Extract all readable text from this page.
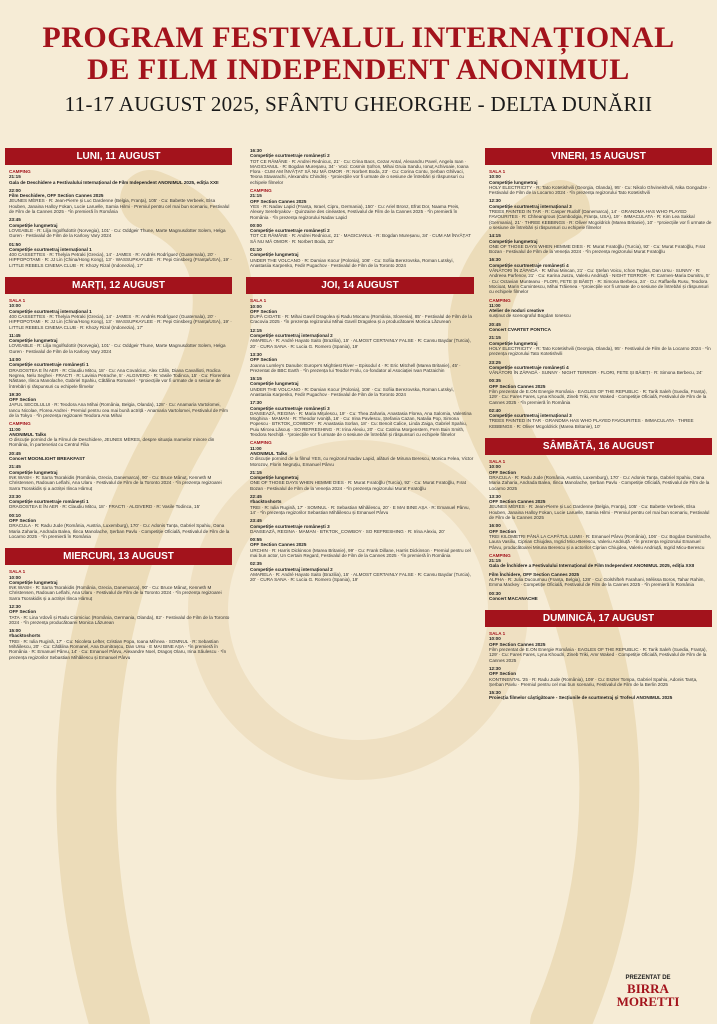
PROGRAM FESTIVALUL INTERNAȚIONAL
DE FILM INDEPENDENT ANONIMUL
11-17 AUGUST 2025, SFÂNTU GHEORGHE - DELTA DUNĂRII
LUNI, 11 AUGUST
CAMPING
21:15
Gala de Deschidere a Festivalului Internațional de Film Independent ANONIMUL 2025, ediția XXII
22:00
Film Deschidere, OFF Section Cannes 2025
JEUNES MÈRES · R: Jean-Pierre și Luc Dardenne (Belgia, Franța), 105' · Cu: Babette Verbeek, Elsa Houben, Janaina Halloy Fokan, Lucie Laruelle, Samia Hilmi · Premiul pentru cel mai bun scenariu, Festivalul de Film de la Cannes 2025 · *în premieră în România
23:45
Competiție lungmetraj
LOVEABLE · R: Lilja Ingolfsdottir (Norvegia), 101' · Cu: Oddgeir Thune, Marte Magnusdotter Solem, Helga Guren · Festivalul de Film de la Karlovy Vary 2024
01:50
Competiție scurtmetraj internațional 1
400 CASSETTES · R: Thelyia Petraki (Grecia), 14' · JAMES · R: Andrés Rodríguez (Guatemala), 20' · HIPPOPOTAMI · R: JJ Lin (China/Hong Kong), 13' · WASSUPKAYLEE · R: Pepi Ginsberg (Franța/USA), 19' · LITTLE REBELS CINEMA CLUB · R: Khozy Rizal (Indonezia), 17'
MARȚI, 12 AUGUST
SALA 1
10:00
Competiție scurtmetraj internațional 1
400 CASSETTES · R: Thelyia Petraki (Grecia), 14' · JAMES · R: Andrés Rodríguez (Guatemala), 20' · HIPPOPOTAMI · R: JJ Lin (China/Hong Kong), 13' · WASSUPKAYLEE · R: Pepi Ginsberg (Franța/USA), 19' · LITTLE REBELS CINEMA CLUB · R: Khozy Rizal (Indonezia), 17'
11:45
Competiție lungmetraj
LOVEABLE · R: Lilja Ingolfsdottir (Norvegia), 101' · Cu: Oddgeir Thune, Marte Magnusdotter Solem, Helga Guren · Festivalul de Film de la Karlovy Vary 2024
14:00
Competiție scurtmetraje românești 1
DRAGOSTEA E ÎN AER · R: Claudiu Mitcu, 18' · Cu: Ana Covalciuc, Alex Călin, Diana Cavallioti, Rodica Negrea, Nelu Seghei · FRACTI · R: Lavinia Petrache, 5' · ALGIVERD · R: Vasile Todinca, 15' · Cu: Florentina Năstase, Ilinca Manolache, Gabriel Spahiu, Cătălina Romanel · *proiecțiile vor fi urmate de o sesiune de întrebări și răspunsuri cu echipele filmelor
19:30
OFF Section
JAFUL SECOLULUI · R: Teodora Ana Mihai (România, Belgia, Olanda), 128' · Cu: Anamaria Vartolomei, Iancu Nicolae, Florea Andrei · Premiul pentru cea mai bună actriță - Anamaria Vartolomei, Festivalul de Film de la Tokyo · *în prezența regizoarei Teodora Ana Mihai
CAMPING
11:00
ANONIMUL Talks
O discuție pornind de la Filmul de Deschidere, JEUNES MÈRES, despre situația mamelor minore din România, în parteneriat cu Centrul Filia
20:45
Concert MOONLIGHT BREAKFAST
21:45
Competiție lungmetraj
INK WASH · R: Sarra Tsorakidis (România, Grecia, Danemarca), 90' · Cu: Bruce Mânuț, Kenneth M Christensen, Radouan Leflahi, Ana Ularu · Festivalul de Film de la Toronto 2024 · *în prezența regizoarei Sarra Tsorakidis și a actriței Ilinca Hârnuț
23:30
Competiție scurtmetraje românești 1
DRAGOSTEA E ÎN AER · R: Claudiu Mitcu, 18' · FRACTI · ALGIVERD · R: Vasile Todinca, 15'
00:10
OFF Section
DRACULA · R: Radu Jude (România, Austria, Luxemburg), 170' · Cu: Adonis Tanța, Gabriel Spahiu, Oana Maria Zaharia, Andrada Balea, Ilinca Manolache, Șerban Pavlu · Competiție Oficială, Festivalul de Film de la Locarno 2025 · *în premieră în România
MIERCURI, 13 AUGUST
SALA 1
10:00
Competiție lungmetraj
INK WASH · R: Sarra Tsorakidis (România, Grecia, Danemarca), 90' · Cu: Bruce Mânuț, Kenneth M Christensen, Radouan Leflahi, Ana Ularu · Festivalul de Film de la Toronto 2024 · *în prezența regizoarei Sarra Tsorakidis și a actriței Ilinca Hârnuț
12:30
OFF Section
TATA · R: Lina Vdovîi și Radu Ciorniciuc (România, Germania, Olanda), 82' · Festivalul de Film de la Toronto 2024 · *în prezența producătoarei Monica Lăzurean
15:00
#backtoshorts
TREI · R: Iulia Rugină, 17' · Cu: Nicoleta Lefter, Cristian Popa, Ioana Mihnea · SOMNUL · R: Sebastian Mihăilescu, 20' · Cu: Cătălina Romanel, Ana Dumitrașcu, Dan Ursu · E MAI BINE AȘA · *în premieră în România · R: Emanuel Pârvu, 14' · Cu: Emanuel Pârvu, Alexandre Noel, Dragoș Olaru, Irina Săulescu · *în prezența regizorilor Sebastian Mihăilescu și Emanuel Pârvu
16:30
Competiție scurtmetraje românești 2
TOT CE RĂMÂNE · R: Andrei Rednicuc, 21' · Cu: Crina Bacs, Cezar Antal, Alexandru Pavel, Angela Ioan · MAGICIANUL · R: Bogdan Mureșanu, 34' · Voci: Cosmin Șofron, Mihai Gruia Sandu, Ionuț Achivoaie, Ioana Flora · CUM AM ÎNVĂȚAT SĂ NU MĂ OMOR · R: Norbert Boda, 23' · Cu: Corina Contu, Șerban Ghilvaci, Teona Stavarachi, Alexandru Chindriș · *proiecțiile vor fi urmate de o sesiune de întrebări și răspunsuri cu echipele filmelor
CAMPING
21:15
OFF Section Cannes 2025
YES · R: Nadav Lapid (Franța, Israel, Cipru, Germania), 150' · Cu: Ariel Bronz, Efrat Dor, Naama Preis, Alexey Serebryakov · Quinzaine des cinéastes, Festivalul de Film de la Cannes 2025 · *în premieră în România · *în prezența regizorului Nadav Lapid
00:00
Competiție scurtmetraje românești 2
TOT CE RĂMÂNE · R: Andrei Rednicuc, 21' · MAGICIANUL · R: Bogdan Mureșanu, 34' · CUM AM ÎNVĂȚAT SĂ NU MĂ OMOR · R: Norbert Boda, 23'
01:10
Competiție lungmetraj
UNDER THE VOLCANO · R: Damian Kocur (Polonia), 106' · Cu: Sofiia Berezovska, Roman Lutskyi, Anastasiia Karpenko, Fedir Pugachov · Festivalul de Film de la Toronto 2024
JOI, 14 AUGUST
SALA 1
10:00
OFF Section
DUPĂ CIOATE · R: Mihai Gavril Dragolea și Radu Mocanu (România, Slovenia), 85' · Festivalul de Film de la Cracovia 2025 · *în prezența regizorului Mihai Gavril Dragolea și a producătoarei Monica Lăzurean
12:15
Competiție scurtmetraj internațional 2
AMARELA · R: André Hayato Saito (Brazilia), 15' · ALMOST CERTAINLY FALSE · R: Cansu Baydar (Turcia), 20' · CURA SANA · R: Lucia G. Romero (Spania), 19'
13:30
OFF Section
Joanna Lumley's Danube: Europe's Mightiest River – Episodul 4 · R: Eric Mitchell (Marea Britanie), 45' · Prezentat de BBC Earth · *în prezența lui Teodor Frolu, co-fondator al Asociației Ivan Patzaichin
15:15
Competiție lungmetraj
UNDER THE VOLCANO · R: Damian Kocur (Polonia), 106' · Cu: Sofiia Berezovska, Roman Lutskyi, Anastasiia Karpenko, Fedir Pugachov · Festivalul de Film de la Toronto 2024
17:30
Competiție scurtmetraje românești 3
DANSEAZĂ, REGINA · R: Maria Mițulescu, 19' · Cu: Thea Zaharia, Anastasia Florea, Ana Salomia, Valentina Moghina · MAMAN · R: Theodor Ivoniță, 16' · Cu: Irina Pavlescu, Ștefania Cazan, Natalia Pop, Simona Popescu · BTKTOK_COWBOY · R: Anastasia Sorlan, 18' · Cu: Benoit Calice, Linda Zaiga, Gabriel Spahiu, Puiu Mircea Lăscuș · SO REFRESHING · R: Irina Alexiu, 20' · Cu: Catrina Morgenstern, Fern Bain Smith, Teodora Nechiță · *proiecțiile vor fi urmate de o sesiune de întrebări și răspunsuri cu echipele filmelor
CAMPING
11:00
ANONIMUL Talks
O discuție pornind de la filmul YES, cu regizorul Nadav Lapid, alături de Mirunа Berescu, Monica Felea, Victor Morozov, Florin Negruțiu, Emanuel Pârvu
21:15
Competiție lungmetraj
ONE OF THOSE DAYS WHEN HEMME DIES · R: Murat Fıratoğlu (Turcia), 92' · Cu: Murat Fıratoğlu, Fırat Bozan · Festivalul de Film de la Veneția 2024 · *în prezența regizorului Murat Fıratoğlu
22:45
#backtoshorts
TREI · R: Iulia Rugină, 17' · SOMNUL · R: Sebastian Mihăilescu, 20' · E MAI BINE AȘA · R: Emanuel Pârvu, 14' · *în prezența regizorilor Sebastian Mihăilescu și Emanuel Pârvu
23:45
Competiție scurtmetraje românești 3
DANSEAZĂ, REGINA · MAMAN · BTKTOK_COWBOY · SO REFRESHING · R: Irina Alexiu, 20'
00:55
OFF Section Cannes 2025
URCHIN · R: Harris Dickinson (Marea Britanie), 99' · Cu: Frank Dillane, Harris Dickinson · Premiul pentru cel mai bun actor, Un Certain Regard, Festivalul de Film de la Cannes 2025 · *în premieră în România
02:35
Competiție scurtmetraj internațional 2
AMARELA · R: André Hayato Saito (Brazilia), 15' · ALMOST CERTAINLY FALSE · R: Cansu Baydar (Turcia), 20' · CURA SANA · R: Lucia G. Romero (Spania), 19'
VINERI, 15 AUGUST
SALA 1
10:00
Competiție lungmetraj
HOLY ELECTRICITY · R: Tato Kotetishvili (Georgia, Olanda), 95' · Cu: Nikolo Ghvineishvili, Nika Gongadze · Festivalul de Film de la Locarno 2024 · *în prezența regizorului Tato Kotetishvili
12:30
Competiție scurtmetraj internațional 3
TREES PAINTED IN TAR · R: Casper Rudolf (Danemarca), 14' · GRANDMA HAS WHO PLAYED FAVOURITES · R: Chheangrous (Cambodgia, Franța, USA), 19' · IMMACULATA · R: Kim Lea Sakkal (Germania), 21' · THREE KEBBINGS · R: Oliver Mcgoldrick (Marea Britanie), 10' · *proiecțiile vor fi urmate de o sesiune de întrebări și răspunsuri cu echipele filmelor
14:15
Competiție lungmetraj
ONE OF THOSE DAYS WHEN HEMME DIES · R: Murat Fıratoğlu (Turcia), 92' · Cu: Murat Fıratoğlu, Fırat Bozan · Festivalul de Film de la Veneția 2024 · *în prezența regizorului Murat Fıratoğlu
16:30
Competiție scurtmetraje românești 4
VÂNĂTORI ÎN ZĂPADĂ · R: Mihai Mincan, 21' · Cu: Ștefan Voicu, Ichon Teglas, Dan Ursu · SUNNY · R: Andreea Parfenov, 21' · Cu: Karina Juszu, Valeriu Andriuță · NIGHT TERROR · R: Carmen-Maria Dumitru, 5' · Cu: Octavian Munteanu · FLORI, FETE ȘI BĂIEȚI · R: Simona Berbecu, 24' · Cu: Raffaella Rusu, Teodora Mocioat, Marin Cumintescu, Mihai Trăienea · *proiecțiile vor fi urmate de o sesiune de întrebări și răspunsuri cu echipele filmelor
CAMPING
11:00
Atelier de noduri creative
susținut de scenograful Bogdan Ionescu
20:45
Concert CVARTET PONTICA
21:15
Competiție lungmetraj
HOLY ELECTRICITY · R: Tato Kotetishvili (Georgia, Olanda), 95' · Festivalul de Film de la Locarno 2024 · *în prezența regizorului Tato Kotetishvili
23:25
Competiție scurtmetraje românești 4
VÂNĂTORI ÎN ZĂPADĂ · SUNNY · NIGHT TERROR · FLORI, FETE ȘI BĂIEȚI · R: Simona Berbecu, 24'
00:35
OFF Section Cannes 2025
Film prezentat de E.ON Energie România · EAGLES OF THE REPUBLIC · R: Tarik Saleh (Suedia, Franța), 129' · Cu: Fares Fares, Lyna Khoudri, Zineb Triki, Amr Waked · Competiție Oficială, Festivalul de Film de la Cannes 2025 · *în premieră în România
02:40
Competiție scurtmetraj internațional 3
TREES PAINTED IN TAR · GRANDMA HAS WHO PLAYED FAVOURITES · IMMACULATA · THREE KEBBINGS · R: Oliver Mcgoldrick (Marea Britanie), 10'
SÂMBĂTĂ, 16 AUGUST
SALA 1
10:00
OFF Section
DRACULA · R: Radu Jude (România, Austria, Luxemburg), 170' · Cu: Adonis Tanța, Gabriel Spahiu, Oana Maria Zaharia, Andrada Balea, Ilinca Manolache, Șerban Pavlu · Competiție Oficială, Festivalul de Film de la Locarno 2025
13:30
OFF Section Cannes 2025
JEUNES MÈRES · R: Jean-Pierre și Luc Dardenne (Belgia, Franța), 105' · Cu: Babette Verbeek, Elsa Houben, Janaina Halloy Fokan, Lucie Laruelle, Samia Hilmi · Premiul pentru cel mai bun scenariu, Festivalul de Film de la Cannes 2025
16:00
OFF Section
TREI KILOMETRI PÂNĂ LA CAPĂTUL LUMII · R: Emanuel Pârvu (România), 106' · Cu: Bogdan Dumitrache, Laura Vasiliu, Ciprian Chiujdea, Ingrid Micu-Berescu, Valeriu Andriuță · *în prezența regizorului Emanuel Pârvu, producătoarei Miruna Berescu și a actorilor Ciprian Chiujdea, Valeriu Andriuță, Ingrid Micu-Berescu
CAMPING
21:15
Gala de Închidere a Festivalului Internațional de Film Independent ANONIMUL 2025, ediția XXII
Film Închidere, OFF Section Cannes 2025
ALPHA · R: Julia Ducournau (Franța, Belgia), 128' · Cu: Golshifteh Farahani, Mélissa Boros, Tahar Rahim, Emma Mackey · Competiție Oficială, Festivalul de Film de la Cannes 2025 · *în premieră în România
00:30
Concert MACANACHE
DUMINICĂ, 17 AUGUST
SALA 1
10:00
OFF Section Cannes 2025
Film prezentat de E.ON Energie România · EAGLES OF THE REPUBLIC · R: Tarik Saleh (Suedia, Franța), 129' · Cu: Fares Fares, Lyna Khoudri, Zineb Triki, Amr Waked · Competiție Oficială, Festivalul de Film de la Cannes 2025
12:30
OFF Section
KONTINENTAL '25 · R: Radu Jude (România), 109' · Cu: Eszter Tompa, Gabriel Spahiu, Adonis Tanța, Șerban Pavlu · Premiul pentru cel mai bun scenariu, Festivalul de Film de la Berlin 2025
15:30
Proiecția filmelor câștigătoare - Secțiunile de scurtmetraj și Trofeul ANONIMUL 2025
PREZENTAT DE
BIRRA
MORETTI
